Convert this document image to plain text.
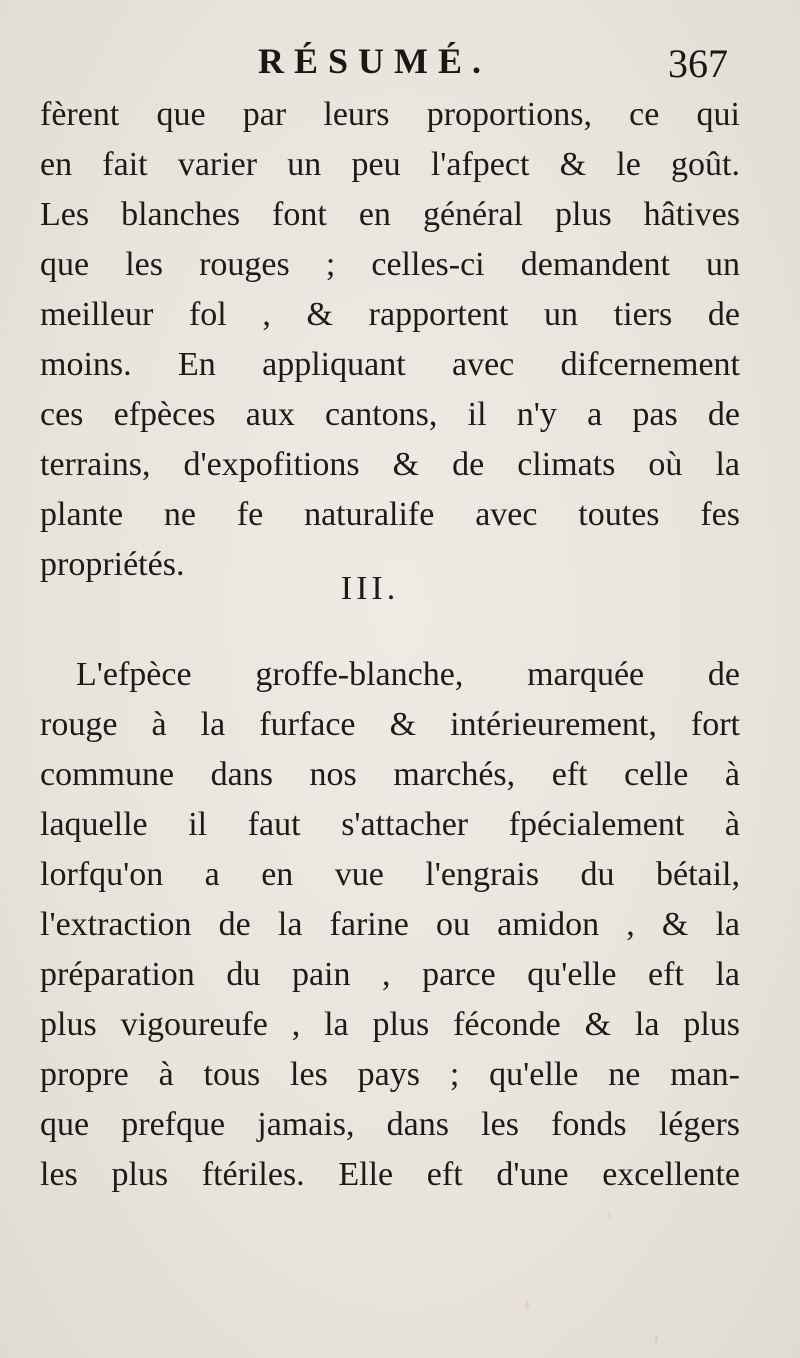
RÉSUMÉ.	367
fèrent que par leurs proportions, ce qui
en fait varier un peu l'afpect & le goût.
Les blanches font en général plus hâtives
que les rouges ; celles-ci demandent un
meilleur fol , & rapportent un tiers de
moins. En appliquant avec difcernement
ces efpèces aux cantons, il n'y a pas de
terrains, d'expofitions & de climats où la
plante ne fe naturalife avec toutes fes
propriétés.
III.
L'efpèce groffe-blanche, marquée de
rouge à la furface & intérieurement, fort
commune dans nos marchés, eft celle à
laquelle il faut s'attacher fpécialement à
lorfqu'on a en vue l'engrais du bétail,
l'extraction de la farine ou amidon , & la
préparation du pain , parce qu'elle eft la
plus vigoureufe , la plus féconde & la plus
propre à tous les pays ; qu'elle ne man-
que prefque jamais, dans les fonds légers
les plus ftériles. Elle eft d'une excellente
